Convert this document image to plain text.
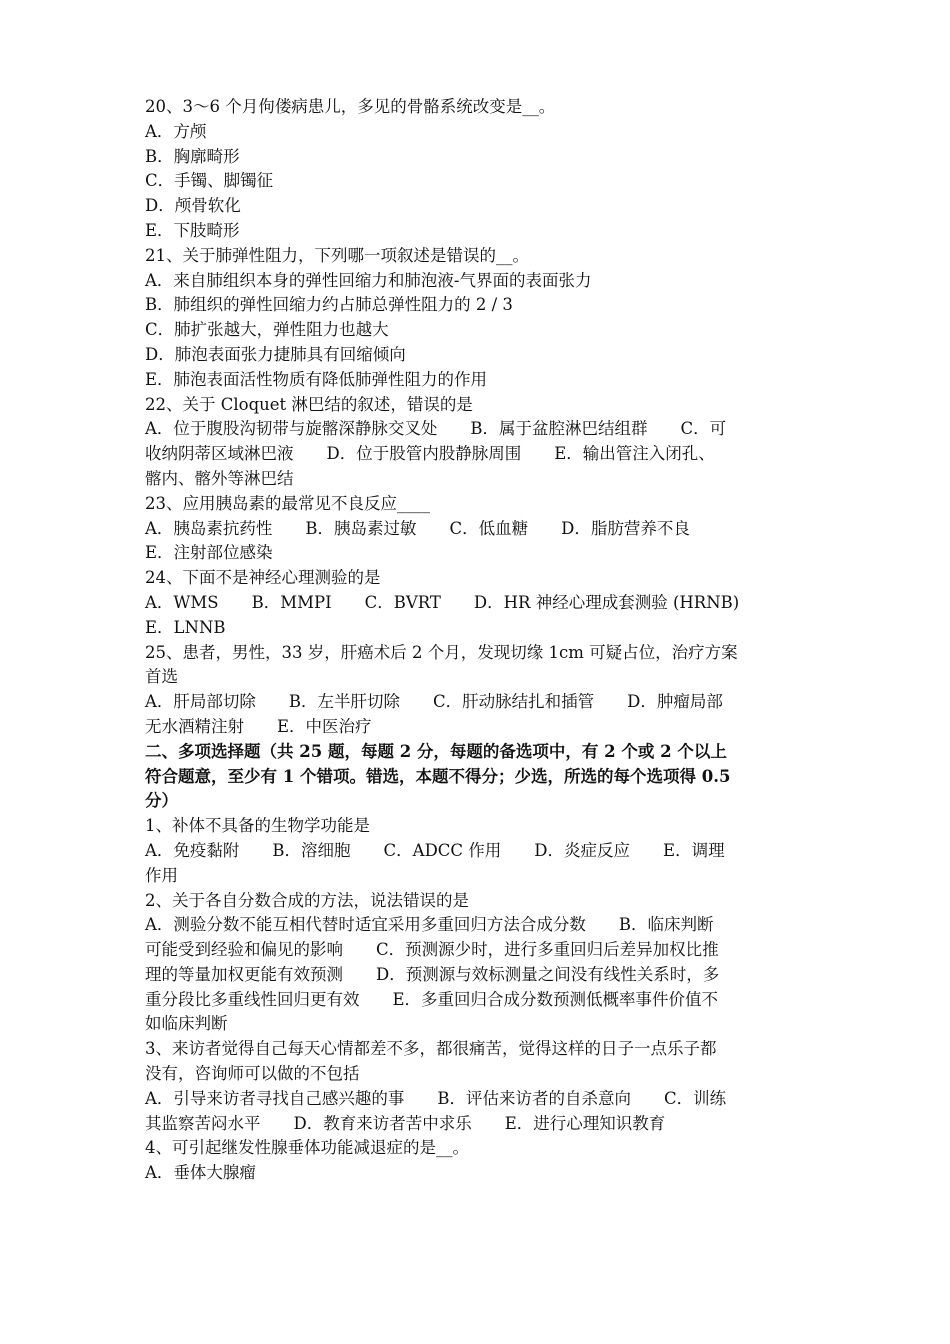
20、3～6 个月佝偻病患儿，多见的骨骼系统改变是__。
A．方颅
B．胸廓畸形
C．手镯、脚镯征
D．颅骨软化
E．下肢畸形
21、关于肺弹性阻力，下列哪一项叙述是错误的__。
A．来自肺组织本身的弹性回缩力和肺泡液-气界面的表面张力
B．肺组织的弹性回缩力约占肺总弹性阻力的 2 / 3
C．肺扩张越大，弹性阻力也越大
D．肺泡表面张力捷肺具有回缩倾向
E．肺泡表面活性物质有降低肺弹性阻力的作用
22、关于 Cloquet 淋巴结的叙述，错误的是
A．位于腹股沟韧带与旋髂深静脉交叉处　　B．属于盆腔淋巴结组群　　C．可
收纳阴蒂区域淋巴液　　D．位于股管内股静脉周围　　E．输出管注入闭孔、
髂内、髂外等淋巴结
23、应用胰岛素的最常见不良反应____
A．胰岛素抗药性　　B．胰岛素过敏　　C．低血糖　　D．脂肪营养不良
E．注射部位感染
24、下面不是神经心理测验的是
A．WMS　　B．MMPI　　C．BVRT　　D．HR 神经心理成套测验 (HRNB)
E．LNNB
25、患者，男性，33 岁，肝癌术后 2 个月，发现切缘 1cm 可疑占位，治疗方案
首选
A．肝局部切除　　B．左半肝切除　　C．肝动脉结扎和插管　　D．肿瘤局部
无水酒精注射　　E．中医治疗
二、多项选择题（共 25 题，每题 2 分，每题的备选项中，有 2 个或 2 个以上
符合题意，至少有 1 个错项。错选，本题不得分；少选，所选的每个选项得 0.5
分）
1、补体不具备的生物学功能是
A．免疫黏附　　B．溶细胞　　C．ADCC 作用　　D．炎症反应　　E．调理
作用
2、关于各自分数合成的方法，说法错误的是
A．测验分数不能互相代替时适宜采用多重回归方法合成分数　　B．临床判断
可能受到经验和偏见的影响　　C．预测源少时，进行多重回归后差异加权比推
理的等量加权更能有效预测　　D．预测源与效标测量之间没有线性关系时，多
重分段比多重线性回归更有效　　E．多重回归合成分数预测低概率事件价值不
如临床判断
3、来访者觉得自己每天心情都差不多，都很痛苦，觉得这样的日子一点乐子都
没有，咨询师可以做的不包括
A．引导来访者寻找自己感兴趣的事　　B．评估来访者的自杀意向　　C．训练
其监察苦闷水平　　D．教育来访者苦中求乐　　E．进行心理知识教育
4、可引起继发性腺垂体功能减退症的是__。
A．垂体大腺瘤
